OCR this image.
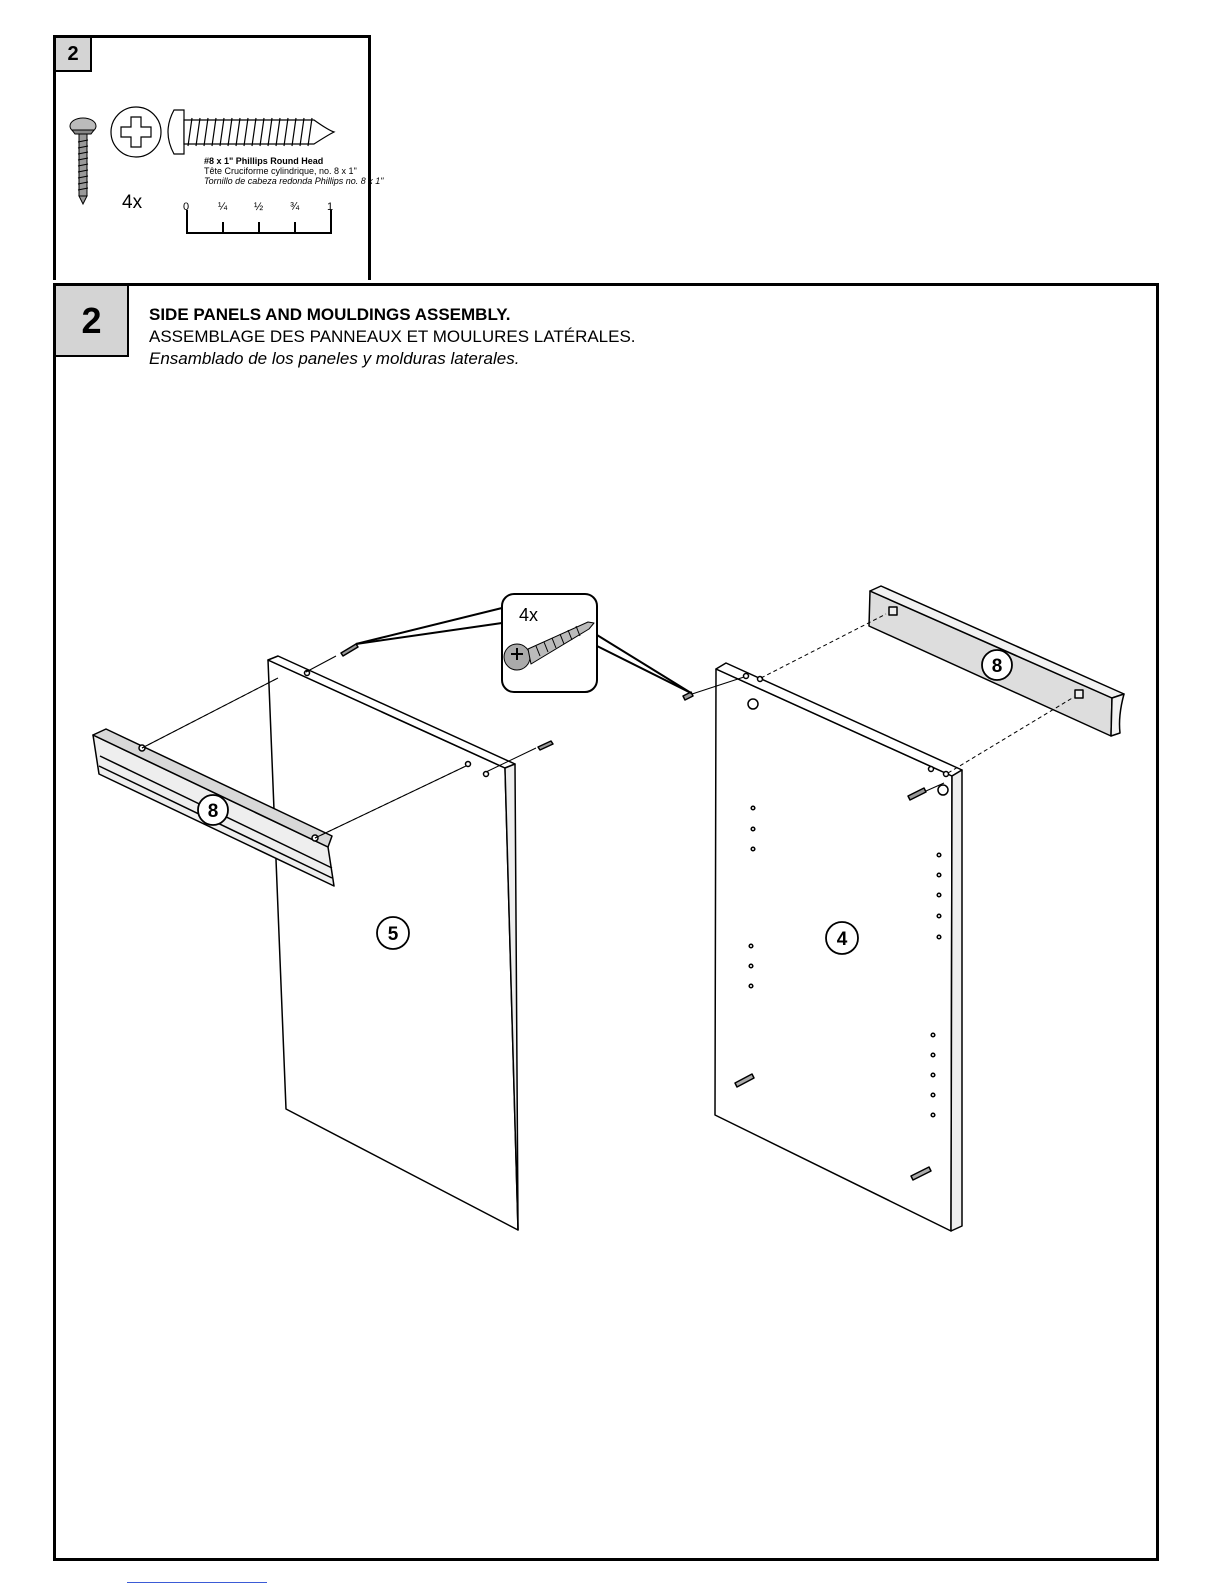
2
#8 x 1" Phillips Round Head
Tête Cruciforme cylindrique, no. 8 x 1"
Tornillo de cabeza redonda Phillips no. 8 x 1"
4x	0	¼ ½ ¾	1
2	SIDE PANELS AND MOULDINGS ASSEMBLY.
ASSEMBLAGE DES PANNEAUX ET MOULURES LATÉRALES.
Ensamblado de los paneles y molduras laterales.
8
8
5	4
4x
